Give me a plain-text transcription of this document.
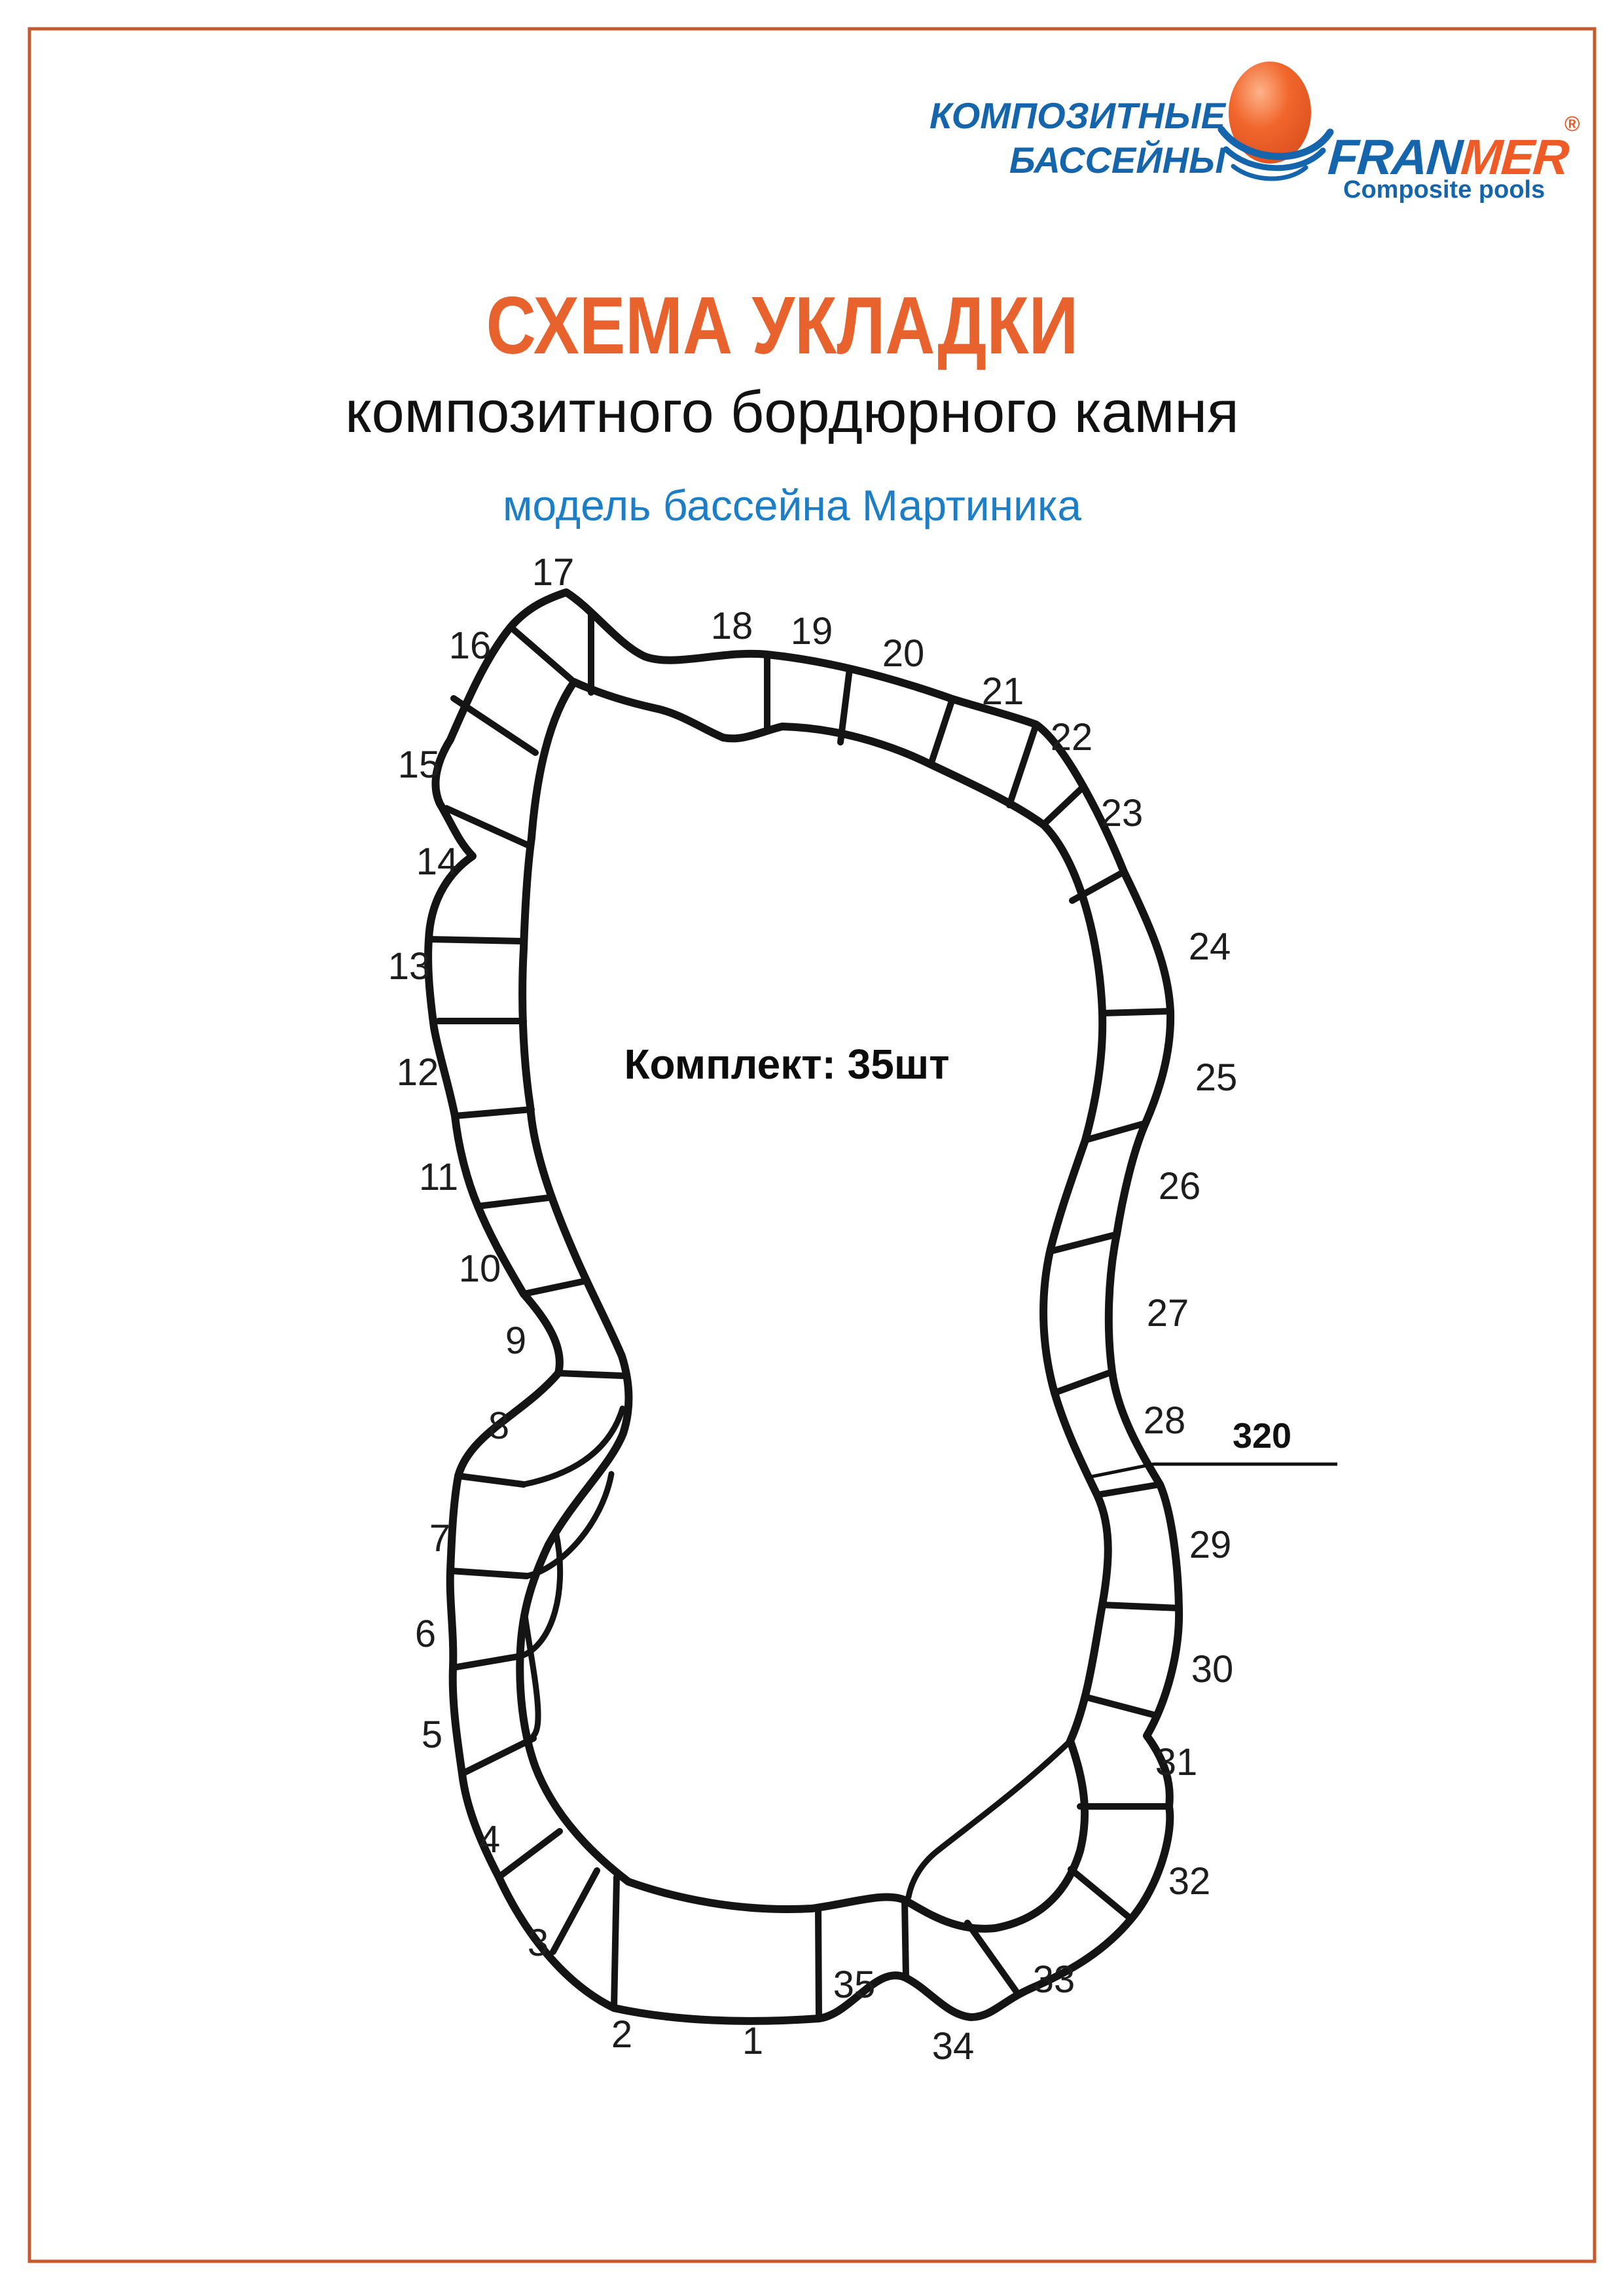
КОМПОЗИТНЫЕ
БАССЕЙНЫ FRANMER
®
Composite pools
СХЕМА УКЛАДКИ
композитного бордюрного камня
модель бассейна Мартиника
Комплект: 35шт
320
1
2
3
4
5
6
7
8
9
10
11
12
13
14
15
16
17
18 19
20
21
22
23
24
25
26
27
28
29
30
31
32
33
34
35
